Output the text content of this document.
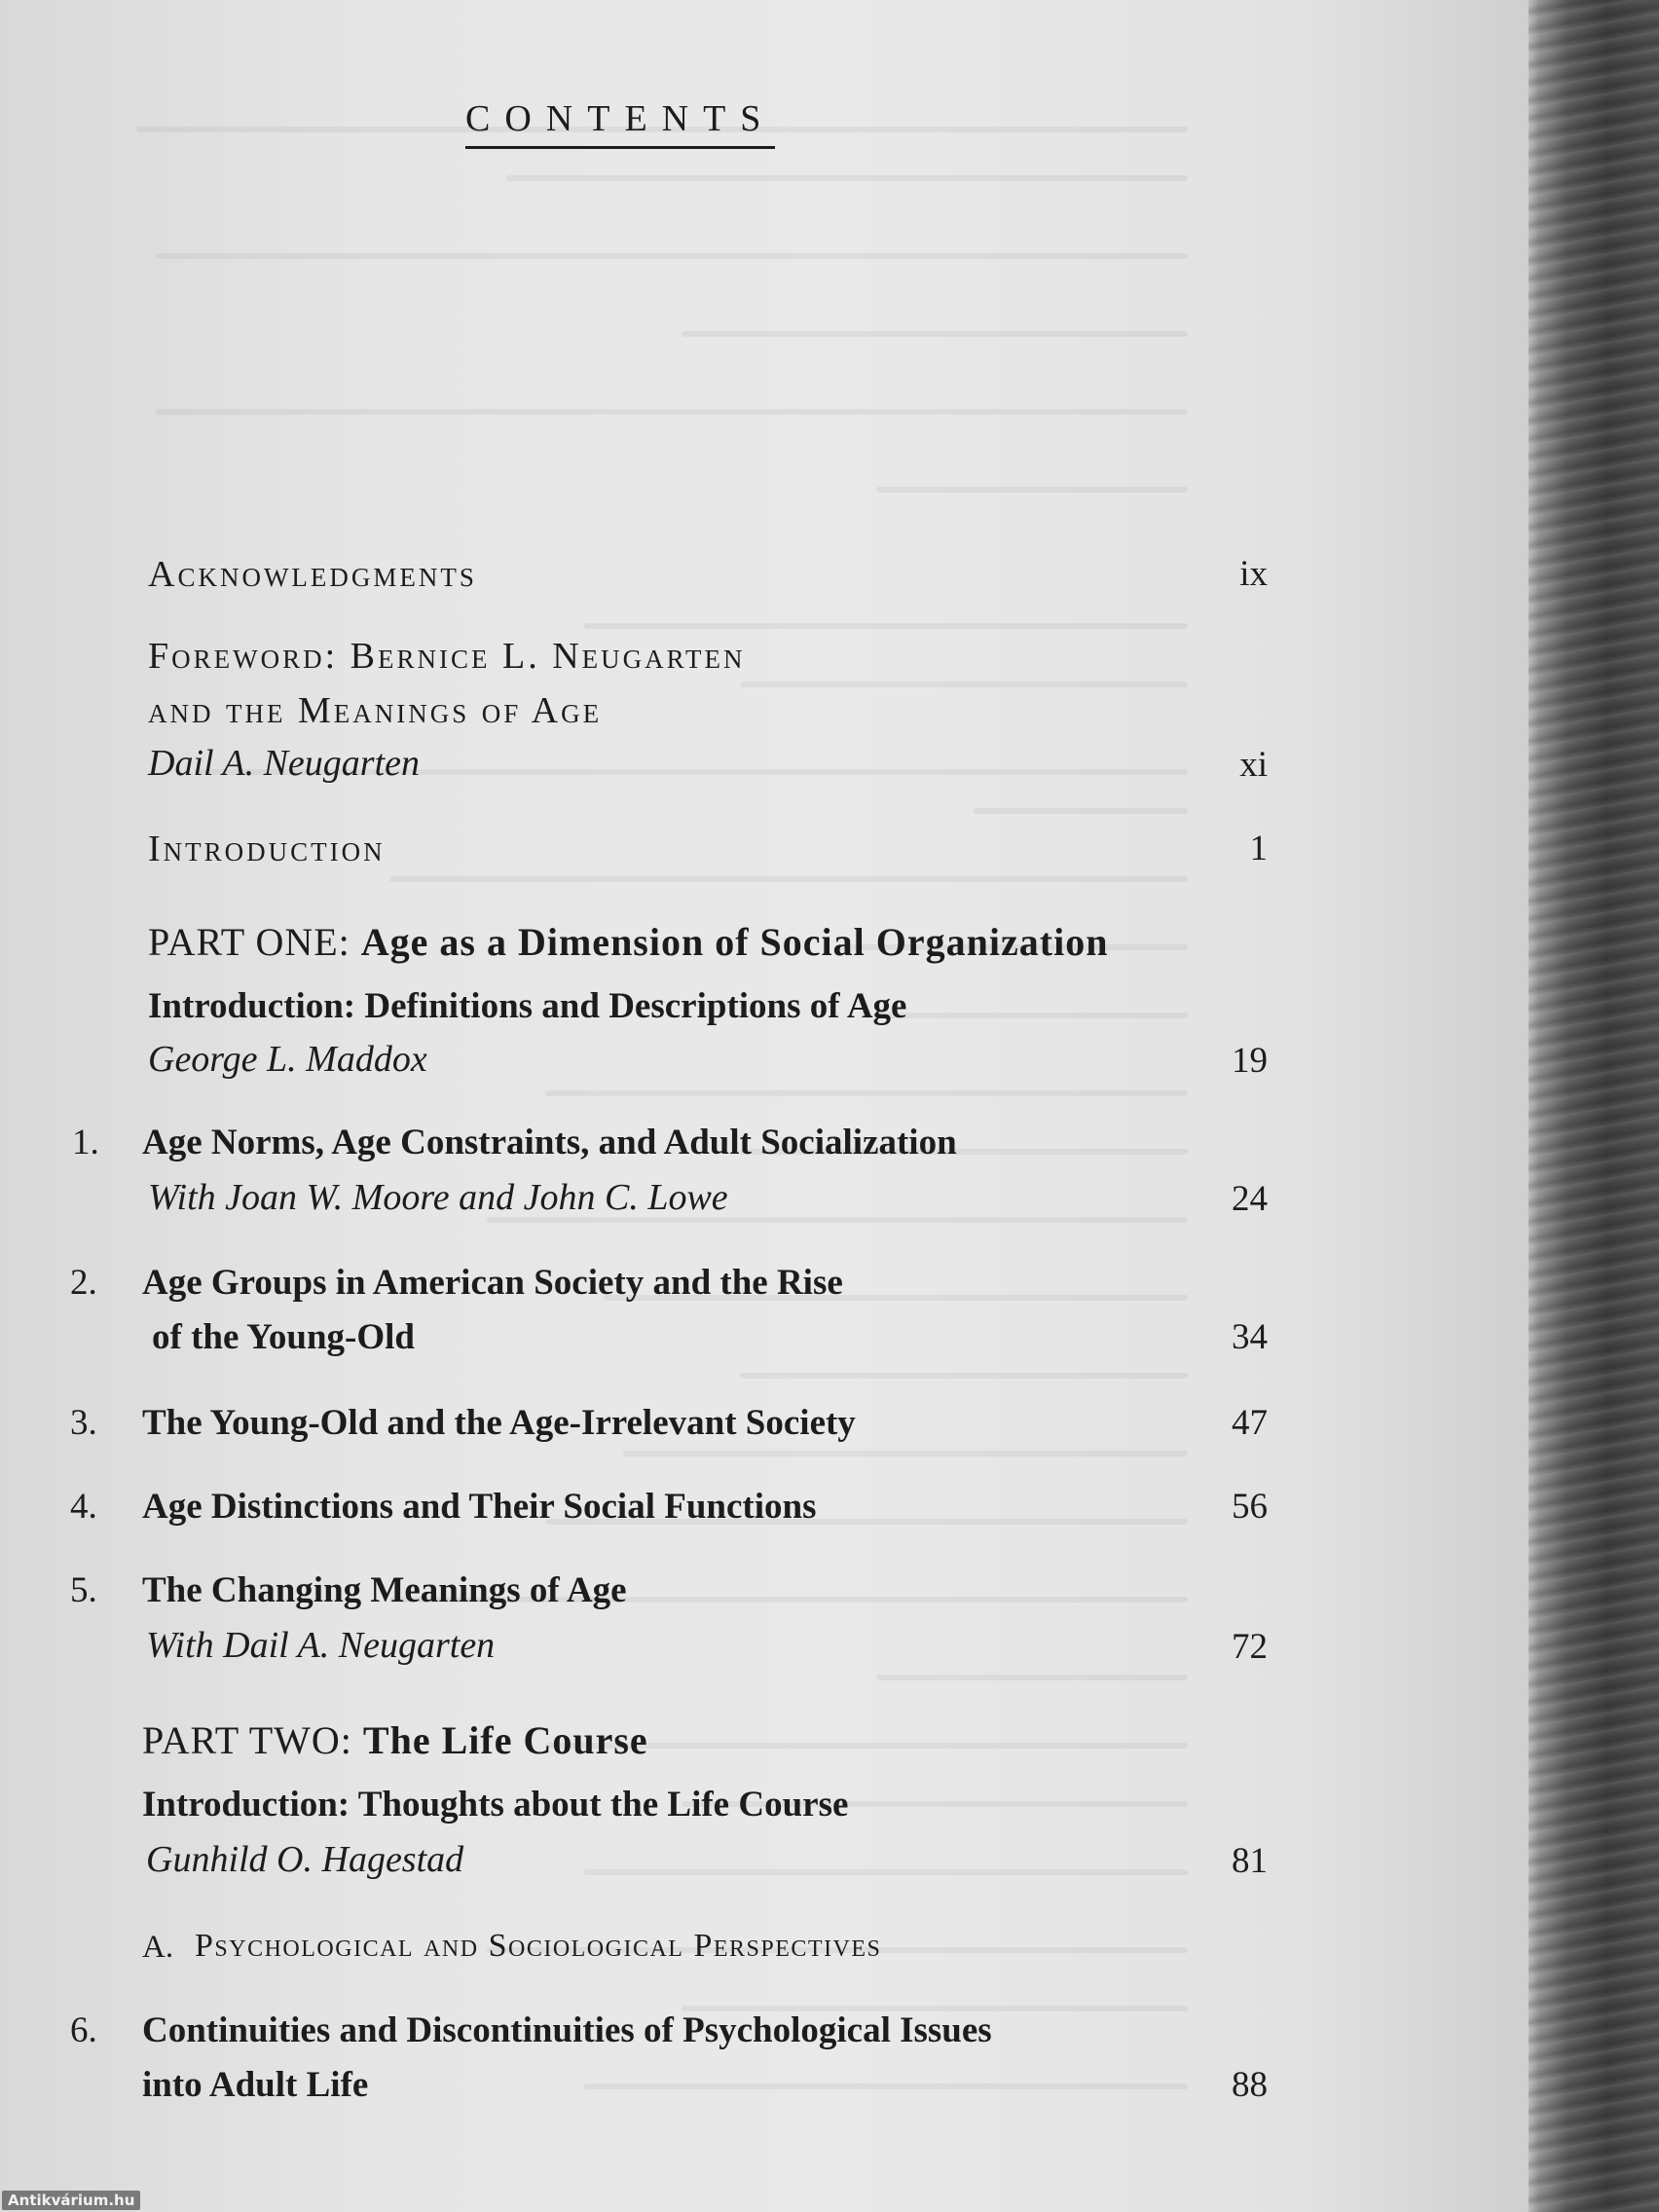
CONTENTS
Acknowledgments	ix
Foreword: Bernice L. Neugarten
and the Meanings of Age
Dail A. Neugarten	xi
Introduction	1
PART ONE: Age as a Dimension of Social Organization
Introduction: Definitions and Descriptions of Age
George L. Maddox	19
1. Age Norms, Age Constraints, and Adult Socialization
With Joan W. Moore and John C. Lowe	24
2. Age Groups in American Society and the Rise
of the Young-Old	34
3. The Young-Old and the Age-Irrelevant Society	47
4. Age Distinctions and Their Social Functions	56
5. The Changing Meanings of Age
With Dail A. Neugarten	72
PART TWO: The Life Course
Introduction: Thoughts about the Life Course
Gunhild O. Hagestad	81
A. Psychological and Sociological Perspectives
6. Continuities and Discontinuities of Psychological Issues
into Adult Life	88
Antikvárium.hu
